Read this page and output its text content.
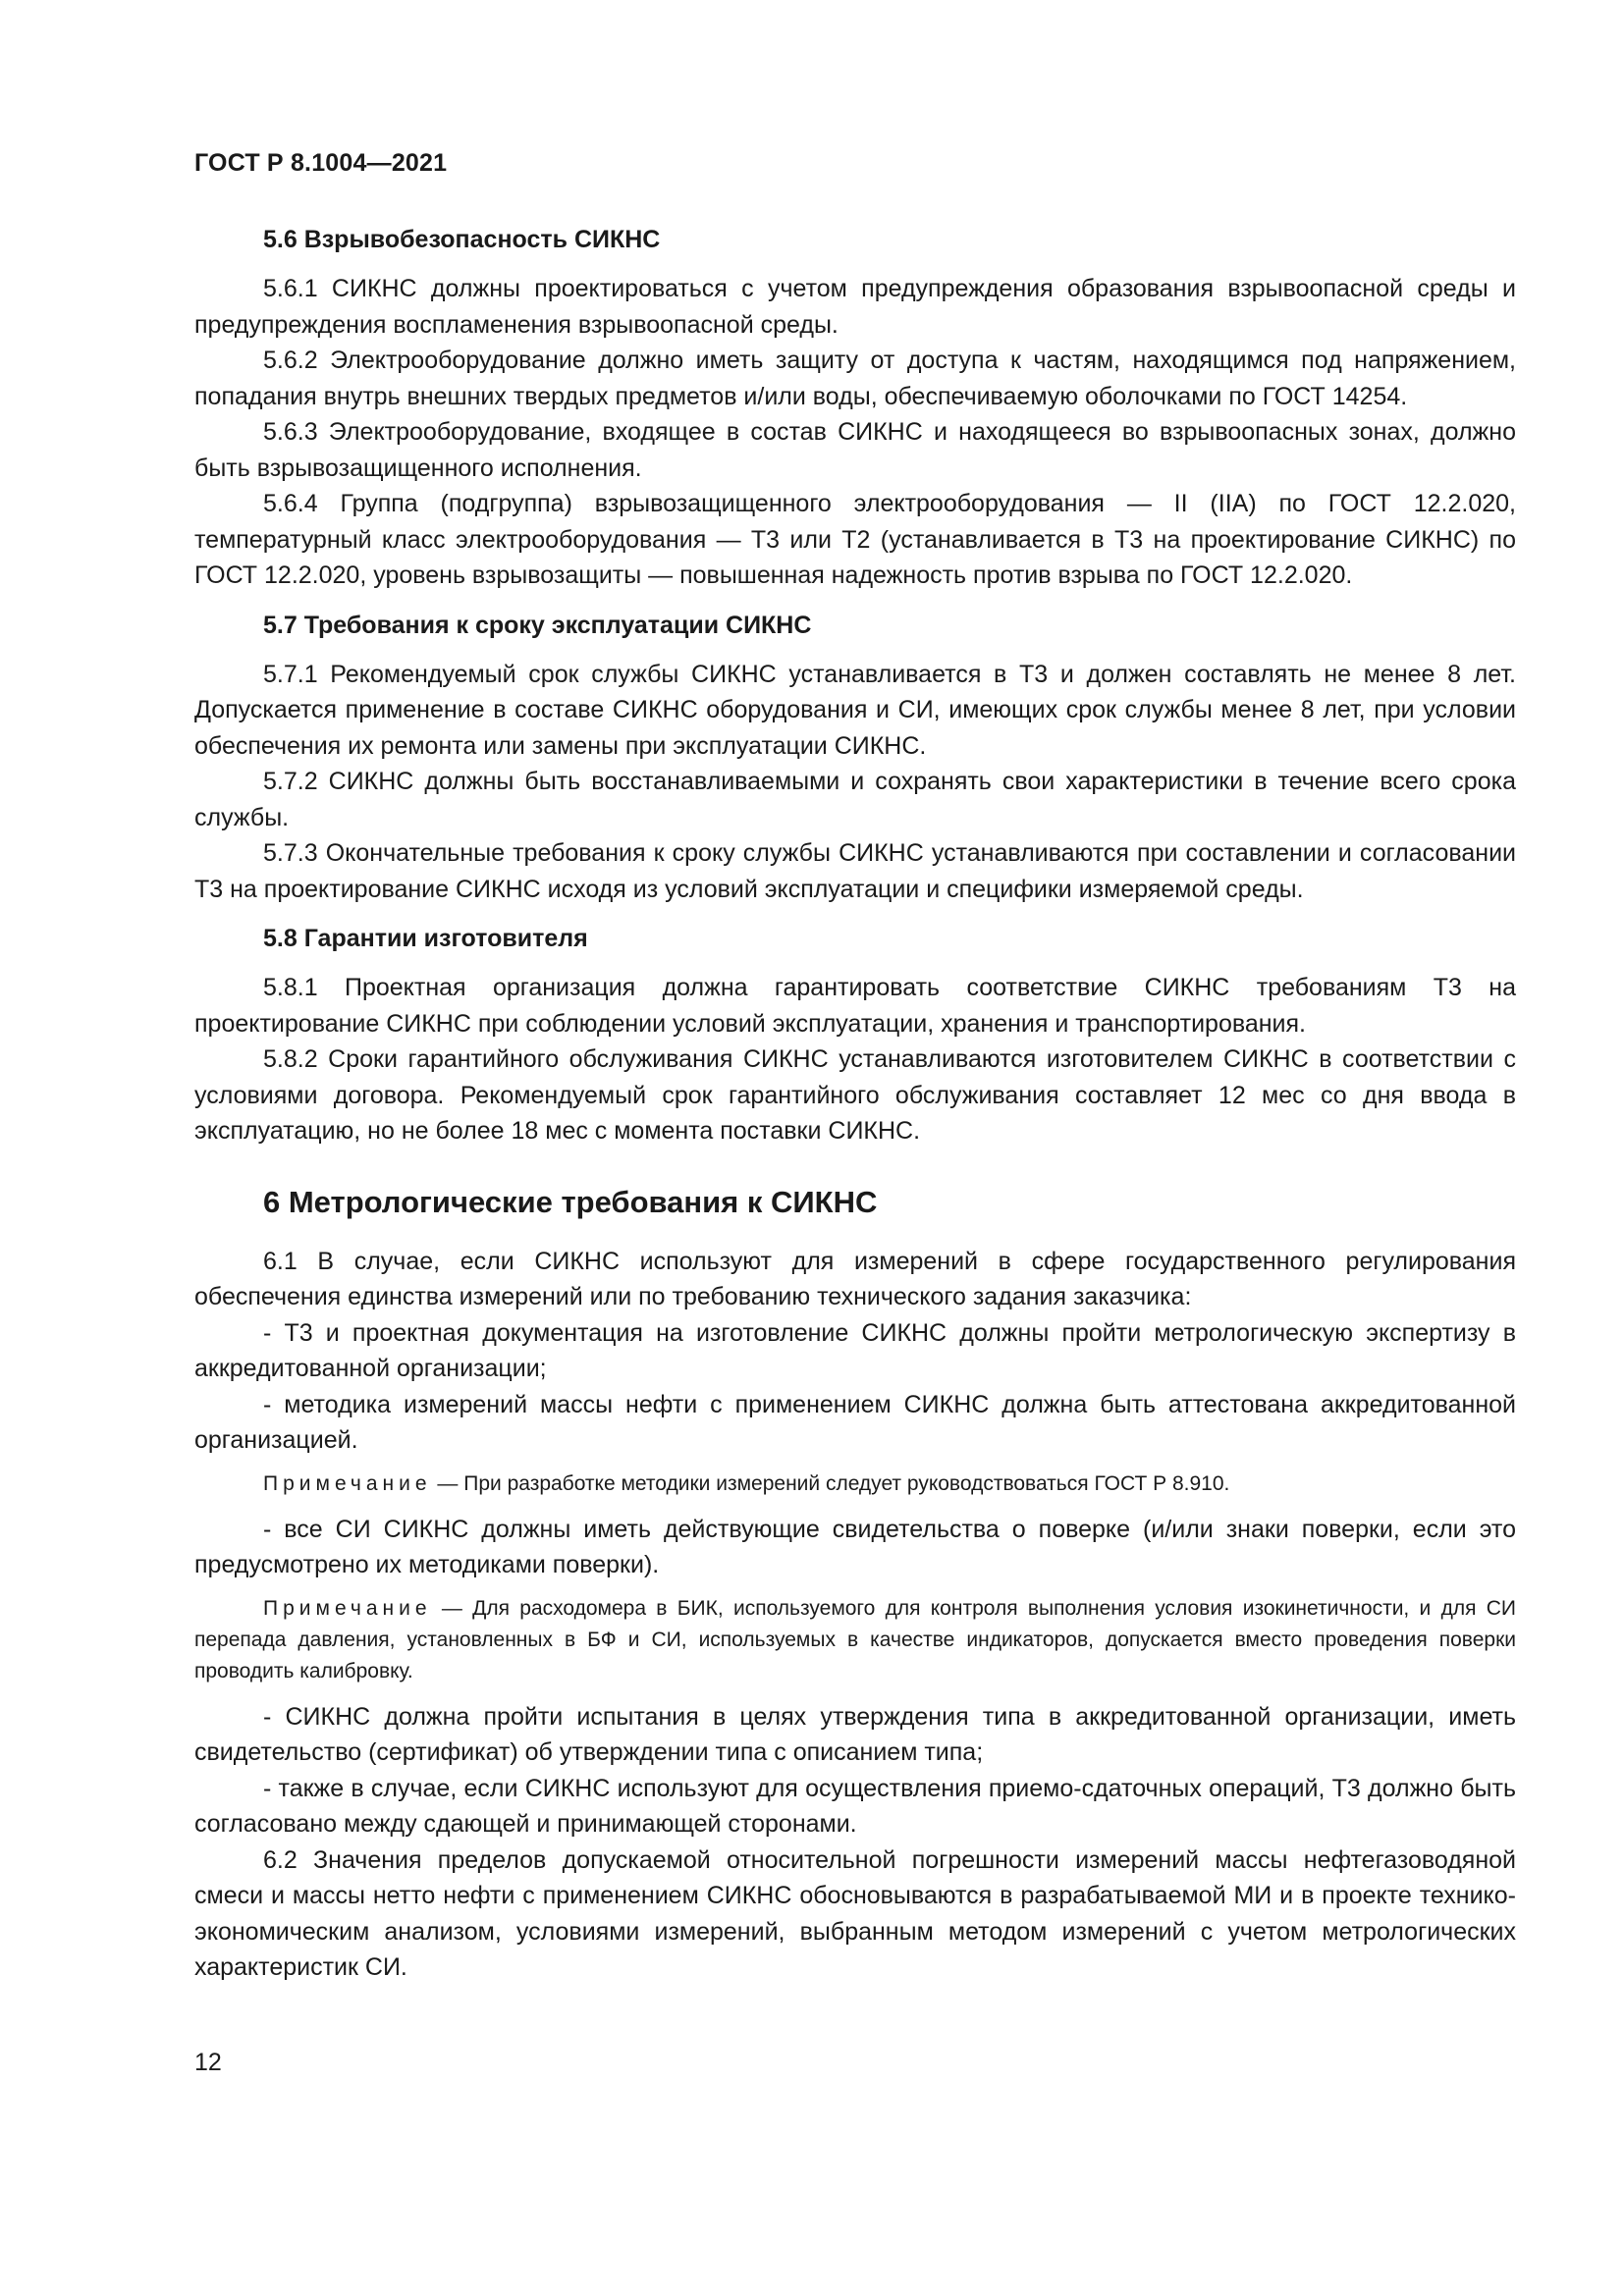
ГОСТ Р 8.1004—2021
5.6 Взрывобезопасность СИКНС

5.6.1 СИКНС должны проектироваться с учетом предупреждения образования взрывоопасной среды и предупреждения воспламенения взрывоопасной среды.

5.6.2 Электрооборудование должно иметь защиту от доступа к частям, находящимся под напряжением, попадания внутрь внешних твердых предметов и/или воды, обеспечиваемую оболочками по ГОСТ 14254.

5.6.3 Электрооборудование, входящее в состав СИКНС и находящееся во взрывоопасных зонах, должно быть взрывозащищенного исполнения.

5.6.4 Группа (подгруппа) взрывозащищенного электрооборудования — II (IIA) по ГОСТ 12.2.020, температурный класс электрооборудования — Т3 или Т2 (устанавливается в Т3 на проектирование СИКНС) по ГОСТ 12.2.020, уровень взрывозащиты — повышенная надежность против взрыва по ГОСТ 12.2.020.

5.7 Требования к сроку эксплуатации СИКНС

5.7.1 Рекомендуемый срок службы СИКНС устанавливается в Т3 и должен составлять не менее 8 лет. Допускается применение в составе СИКНС оборудования и СИ, имеющих срок службы менее 8 лет, при условии обеспечения их ремонта или замены при эксплуатации СИКНС.

5.7.2 СИКНС должны быть восстанавливаемыми и сохранять свои характеристики в течение всего срока службы.

5.7.3 Окончательные требования к сроку службы СИКНС устанавливаются при составлении и согласовании Т3 на проектирование СИКНС исходя из условий эксплуатации и специфики измеряемой среды.

5.8 Гарантии изготовителя

5.8.1 Проектная организация должна гарантировать соответствие СИКНС требованиям Т3 на проектирование СИКНС при соблюдении условий эксплуатации, хранения и транспортирования.

5.8.2 Сроки гарантийного обслуживания СИКНС устанавливаются изготовителем СИКНС в соответствии с условиями договора. Рекомендуемый срок гарантийного обслуживания составляет 12 мес со дня ввода в эксплуатацию, но не более 18 мес с момента поставки СИКНС.

6 Метрологические требования к СИКНС

6.1 В случае, если СИКНС используют для измерений в сфере государственного регулирования обеспечения единства измерений или по требованию технического задания заказчика:

- Т3 и проектная документация на изготовление СИКНС должны пройти метрологическую экспертизу в аккредитованной организации;

- методика измерений массы нефти с применением СИКНС должна быть аттестована аккредитованной организацией.

Примечание — При разработке методики измерений следует руководствоваться ГОСТ Р 8.910.

- все СИ СИКНС должны иметь действующие свидетельства о поверке (и/или знаки поверки, если это предусмотрено их методиками поверки).

Примечание — Для расходомера в БИК, используемого для контроля выполнения условия изокинетичности, и для СИ перепада давления, установленных в БФ и СИ, используемых в качестве индикаторов, допускается вместо проведения поверки проводить калибровку.

- СИКНС должна пройти испытания в целях утверждения типа в аккредитованной организации, иметь свидетельство (сертификат) об утверждении типа с описанием типа;

- также в случае, если СИКНС используют для осуществления приемо-сдаточных операций, Т3 должно быть согласовано между сдающей и принимающей сторонами.

6.2 Значения пределов допускаемой относительной погрешности измерений массы нефтегазоводяной смеси и массы нетто нефти с применением СИКНС обосновываются в разрабатываемой МИ и в проекте технико-экономическим анализом, условиями измерений, выбранным методом измерений с учетом метрологических характеристик СИ.

12
